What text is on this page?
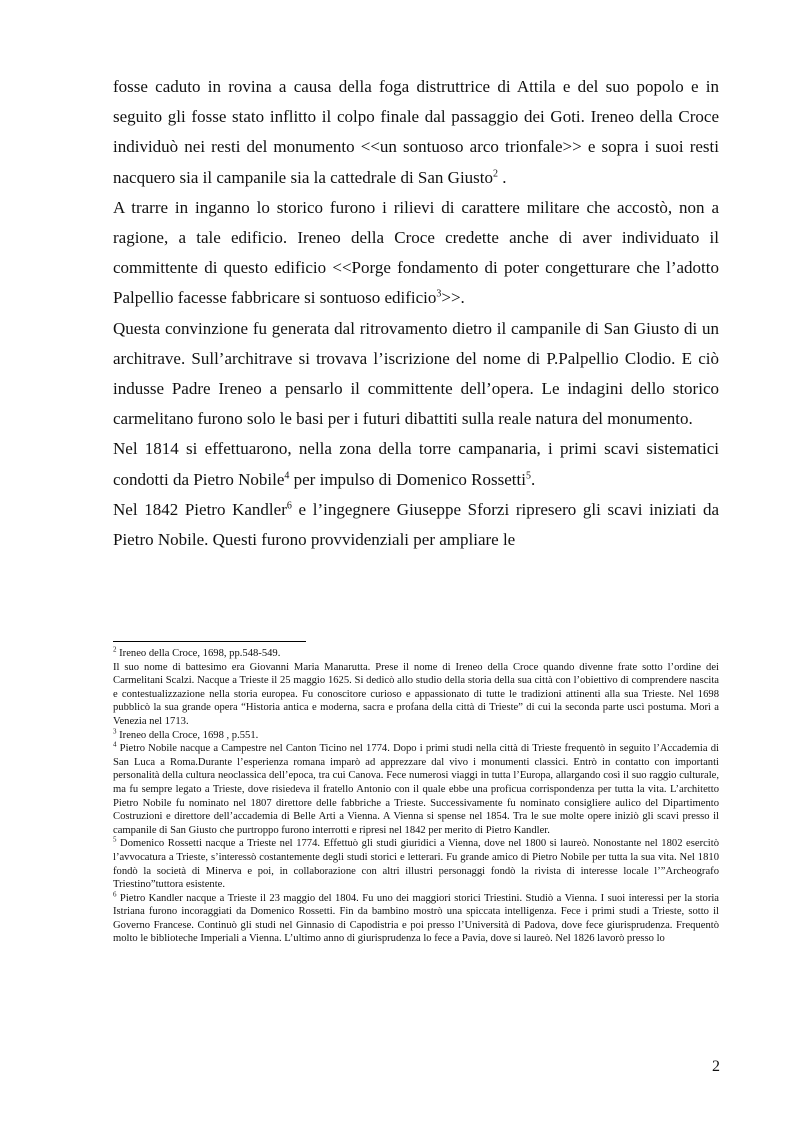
fosse caduto in rovina a causa della foga distruttrice di Attila e del suo popolo e in seguito gli fosse stato inflitto il colpo finale dal passaggio dei Goti. Ireneo della Croce individuò nei resti del monumento <<un sontuoso arco trionfale>> e sopra i suoi resti nacquero sia il campanile sia la cattedrale di San Giusto$^2$ .

A trarre in inganno lo storico furono i rilievi di carattere militare che accostò, non a ragione, a tale edificio. Ireneo della Croce credette anche di aver individuato il committente di questo edificio <<Porge fondamento di poter congetturare che l’adotto Palpellio facesse fabbricare si sontuoso edificio$^3$>>.

Questa convinzione fu generata dal ritrovamento dietro il campanile di San Giusto di un architrave. Sull’architrave si trovava l’iscrizione del nome di P.Palpellio Clodio. E ciò indusse Padre Ireneo a pensarlo il committente dell’opera. Le indagini dello storico carmelitano furono solo le basi per i futuri dibattiti sulla reale natura del monumento.

Nel 1814 si effettuarono, nella zona della torre campanaria, i primi scavi sistematici condotti da Pietro Nobile$^4$ per impulso di Domenico Rossetti$^5$.

Nel 1842 Pietro Kandler$^6$ e l’ingegnere Giuseppe Sforzi ripresero gli scavi iniziati da Pietro Nobile. Questi furono provvidenziali per ampliare le

$^2$ Ireneo della Croce, 1698, pp.548-549.

Il suo nome di battesimo era Giovanni Maria Manarutta. Prese il nome di Ireneo della Croce quando divenne frate sotto l’ordine dei Carmelitani Scalzi. Nacque a Trieste il 25 maggio 1625. Si dedicò allo studio della storia della sua città con l’obiettivo di comprendere nascita e contestualizzazione nella storia europea. Fu conoscitore curioso e appassionato di tutte le tradizioni attinenti alla sua Trieste. Nel 1698 pubblicò la sua grande opera “Historia antica e moderna, sacra e profana della città di Trieste” di cui la seconda parte uscì postuma. Morì a Venezia nel 1713.

$^3$ Ireneo della Croce, 1698 , p.551.

$^4$ Pietro Nobile nacque a Campestre nel Canton Ticino nel 1774. Dopo i primi studi nella città di Trieste frequentò in seguito l’Accademia di San Luca a Roma.Durante l’esperienza romana imparò ad apprezzare dal vivo i monumenti classici. Entrò in contatto con importanti personalità della cultura neoclassica dell’epoca, tra cui Canova. Fece numerosi viaggi in tutta l’Europa, allargando così il suo raggio culturale, ma fu sempre legato a Trieste, dove risiedeva il fratello Antonio con il quale ebbe una proficua corrispondenza per tutta la vita. L’architetto Pietro Nobile fu nominato nel 1807 direttore delle fabbriche a Trieste. Successivamente fu nominato consigliere aulico del Dipartimento Costruzioni e direttore dell’accademia di Belle Arti a Vienna. A Vienna si spense nel 1854. Tra le sue molte opere iniziò gli scavi presso il campanile di San Giusto che purtroppo furono interrotti e ripresi nel 1842 per merito di Pietro Kandler.

$^5$ Domenico Rossetti nacque a Trieste nel 1774. Effettuò gli studi giuridici a Vienna, dove nel 1800 si laureò. Nonostante nel 1802 esercitò l’avvocatura a Trieste, s’interessò costantemente degli studi storici e letterari. Fu grande amico di Pietro Nobile per tutta la sua vita. Nel 1810 fondò la società di Minerva e poi, in collaborazione con altri illustri personaggi fondò la rivista di interesse locale l’”Archeografo Triestino”tuttora esistente.

$^6$ Pietro Kandler nacque a Trieste il 23 maggio del 1804. Fu uno dei maggiori storici Triestini. Studiò a Vienna. I suoi interessi per la storia Istriana furono incoraggiati da Domenico Rossetti. Fin da bambino mostrò una spiccata intelligenza. Fece i primi studi a Trieste, sotto il Governo Francese. Continuò gli studi nel Ginnasio di Capodistria e poi presso l’Università di Padova, dove fece giurisprudenza. Frequentò molto le biblioteche Imperiali a Vienna. L’ultimo anno di giurisprudenza lo fece a Pavia, dove si laureò. Nel 1826 lavorò presso lo

2
